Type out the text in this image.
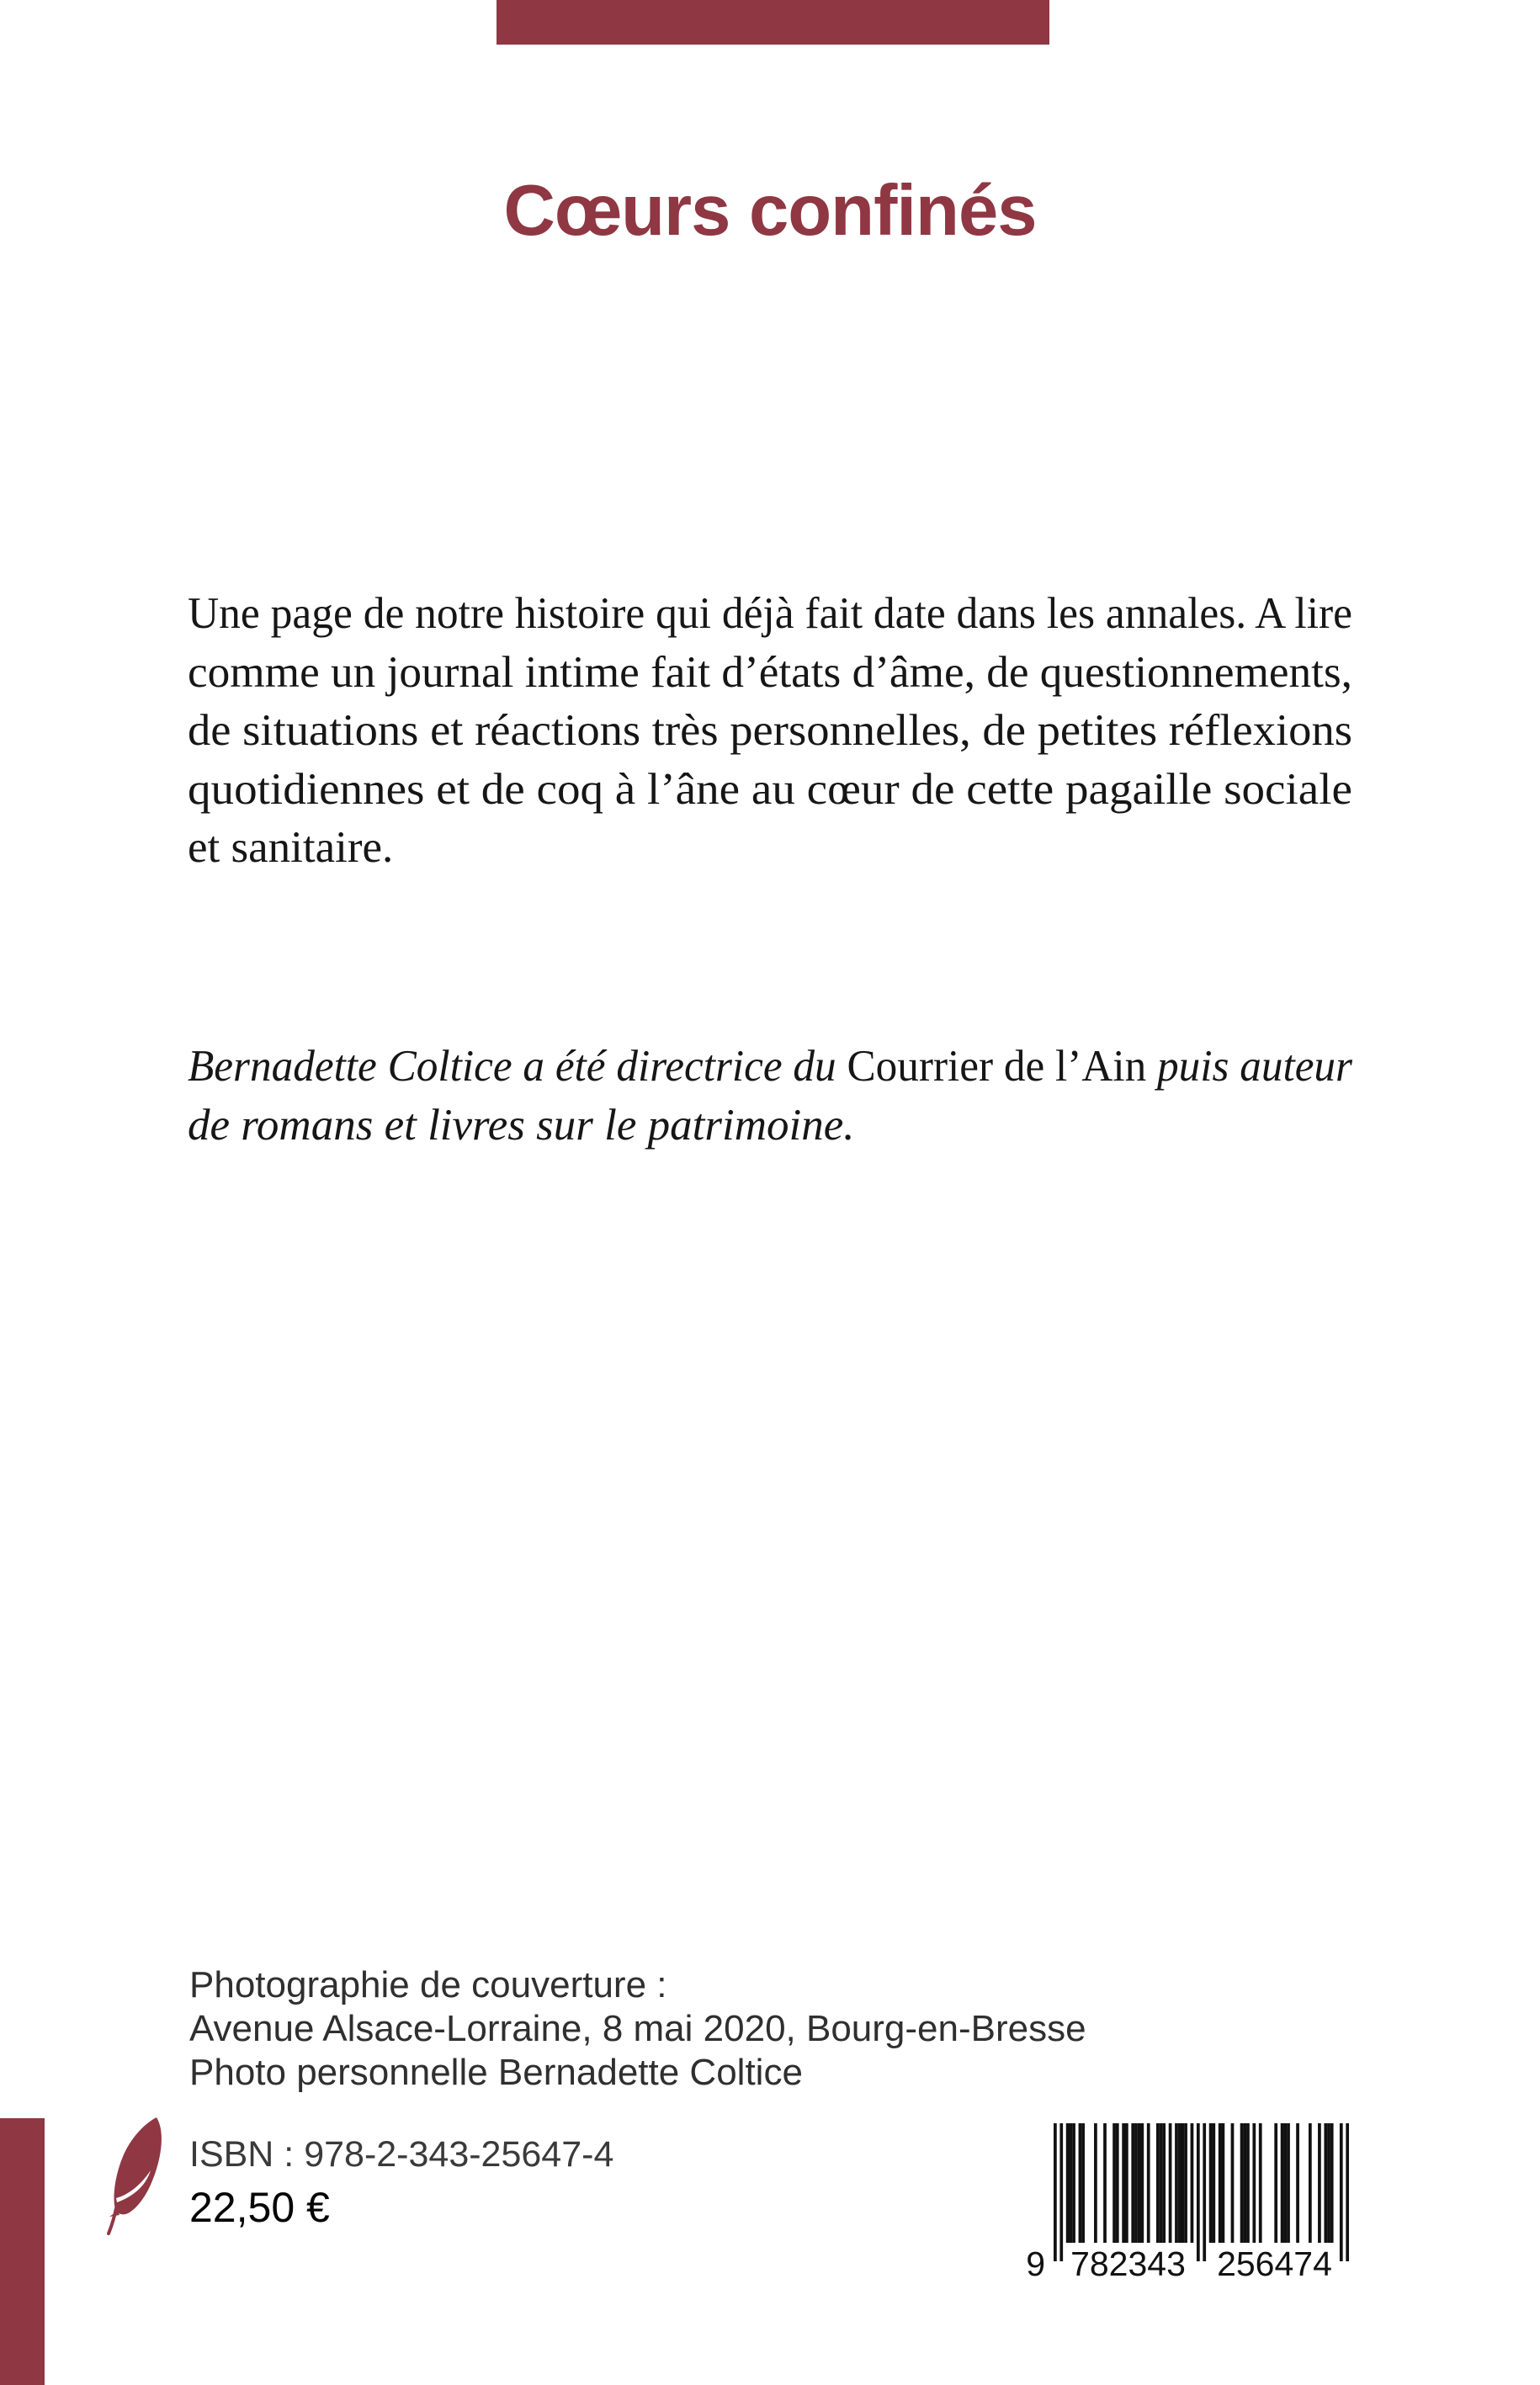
Cœurs confinés
Une page de notre histoire qui déjà fait date dans les annales. A lire
comme un journal intime fait d’états d’âme, de questionnements,
de situations et réactions très personnelles, de petites réflexions
quotidiennes et de coq à l’âne au cœur de cette pagaille sociale
et sanitaire.
Bernadette Coltice a été directrice du Courrier de l’Ain puis auteur
de romans et livres sur le patrimoine.
Photographie de couverture :
Avenue Alsace-Lorraine, 8 mai 2020, Bourg-en-Bresse
Photo personnelle Bernadette Coltice
ISBN : 978-2-343-25647-4
22,50 €
9 782343 256474
